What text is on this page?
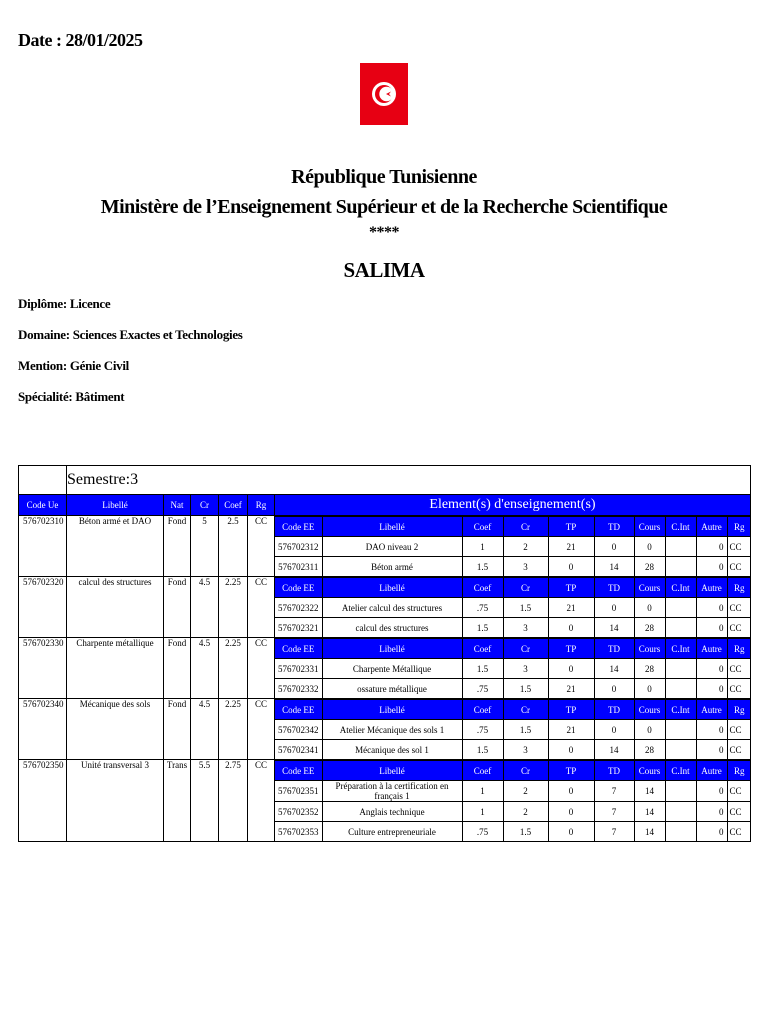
Date : 28/01/2025
République Tunisienne
Ministère de l’Enseignement Supérieur et de la Recherche Scientifique
****
SALIMA
Diplôme: Licence
Domaine: Sciences Exactes et Technologies
Mention: Génie Civil
Spécialité: Bâtiment
	Semestre:3
Code Ue	Libellé	Nat	Cr	Coef	Rg	Element(s) d'enseignement(s)
576702310	Béton armé et DAO	Fond	5	2.5	CC	
Code EE	Libellé	Coef	Cr	TP	TD	Cours	C.Int	Autre	Rg
576702312	DAO niveau 2	1	2	21	0	0		0	CC
576702311	Béton armé	1.5	3	0	14	28		0	CC

576702320	calcul des structures	Fond	4.5	2.25	CC	
Code EE	Libellé	Coef	Cr	TP	TD	Cours	C.Int	Autre	Rg
576702322	Atelier calcul des structures	.75	1.5	21	0	0		0	CC
576702321	calcul des structures	1.5	3	0	14	28		0	CC

576702330	Charpente métallique	Fond	4.5	2.25	CC	
Code EE	Libellé	Coef	Cr	TP	TD	Cours	C.Int	Autre	Rg
576702331	Charpente Métallique	1.5	3	0	14	28		0	CC
576702332	ossature métallique	.75	1.5	21	0	0		0	CC

576702340	Mécanique des sols	Fond	4.5	2.25	CC	
Code EE	Libellé	Coef	Cr	TP	TD	Cours	C.Int	Autre	Rg
576702342	Atelier Mécanique des sols 1	.75	1.5	21	0	0		0	CC
576702341	Mécanique des sol 1	1.5	3	0	14	28		0	CC

576702350	Unité transversal 3	Trans	5.5	2.75	CC	
Code EE	Libellé	Coef	Cr	TP	TD	Cours	C.Int	Autre	Rg
576702351	Préparation à la certification en français 1	1	2	0	7	14		0	CC
576702352	Anglais technique	1	2	0	7	14		0	CC
576702353	Culture entrepreneuriale	.75	1.5	0	7	14		0	CC
